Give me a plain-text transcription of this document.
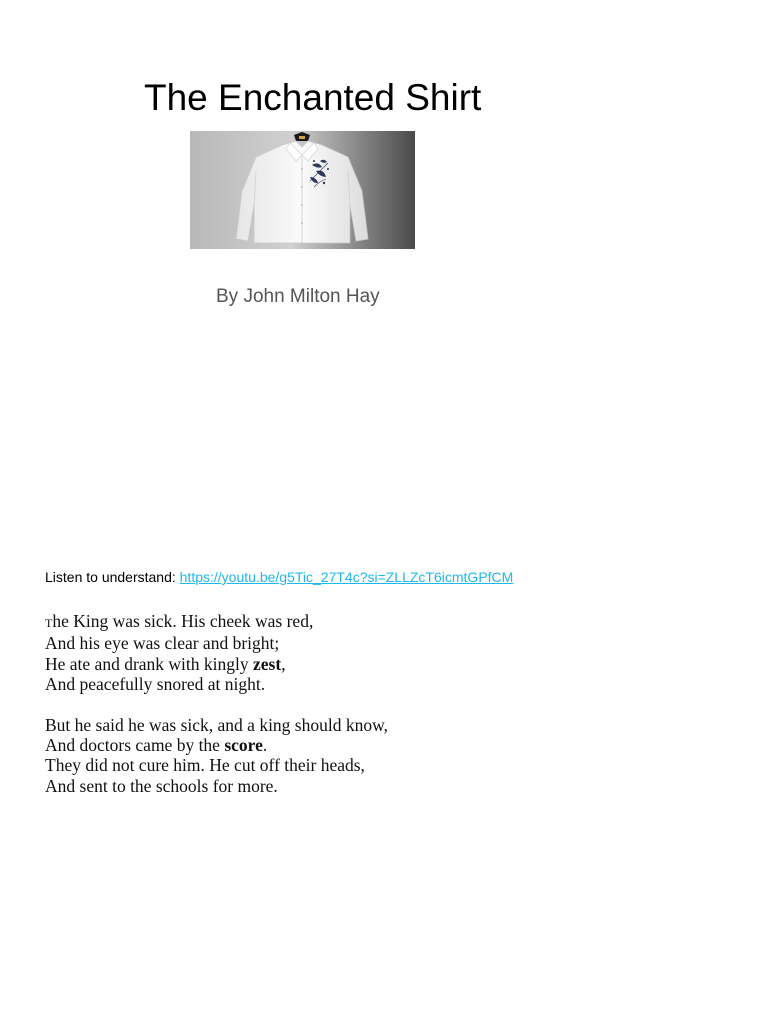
The Enchanted Shirt
By John Milton Hay
Listen to understand: https://youtu.be/g5Tic_27T4c?si=ZLLZcT6icmtGPfCM
The King was sick. His cheek was red,
And his eye was clear and bright;
He ate and drank with kingly zest,
And peacefully snored at night.
But he said he was sick, and a king should know,
And doctors came by the score.
They did not cure him. He cut off their heads,
And sent to the schools for more.
